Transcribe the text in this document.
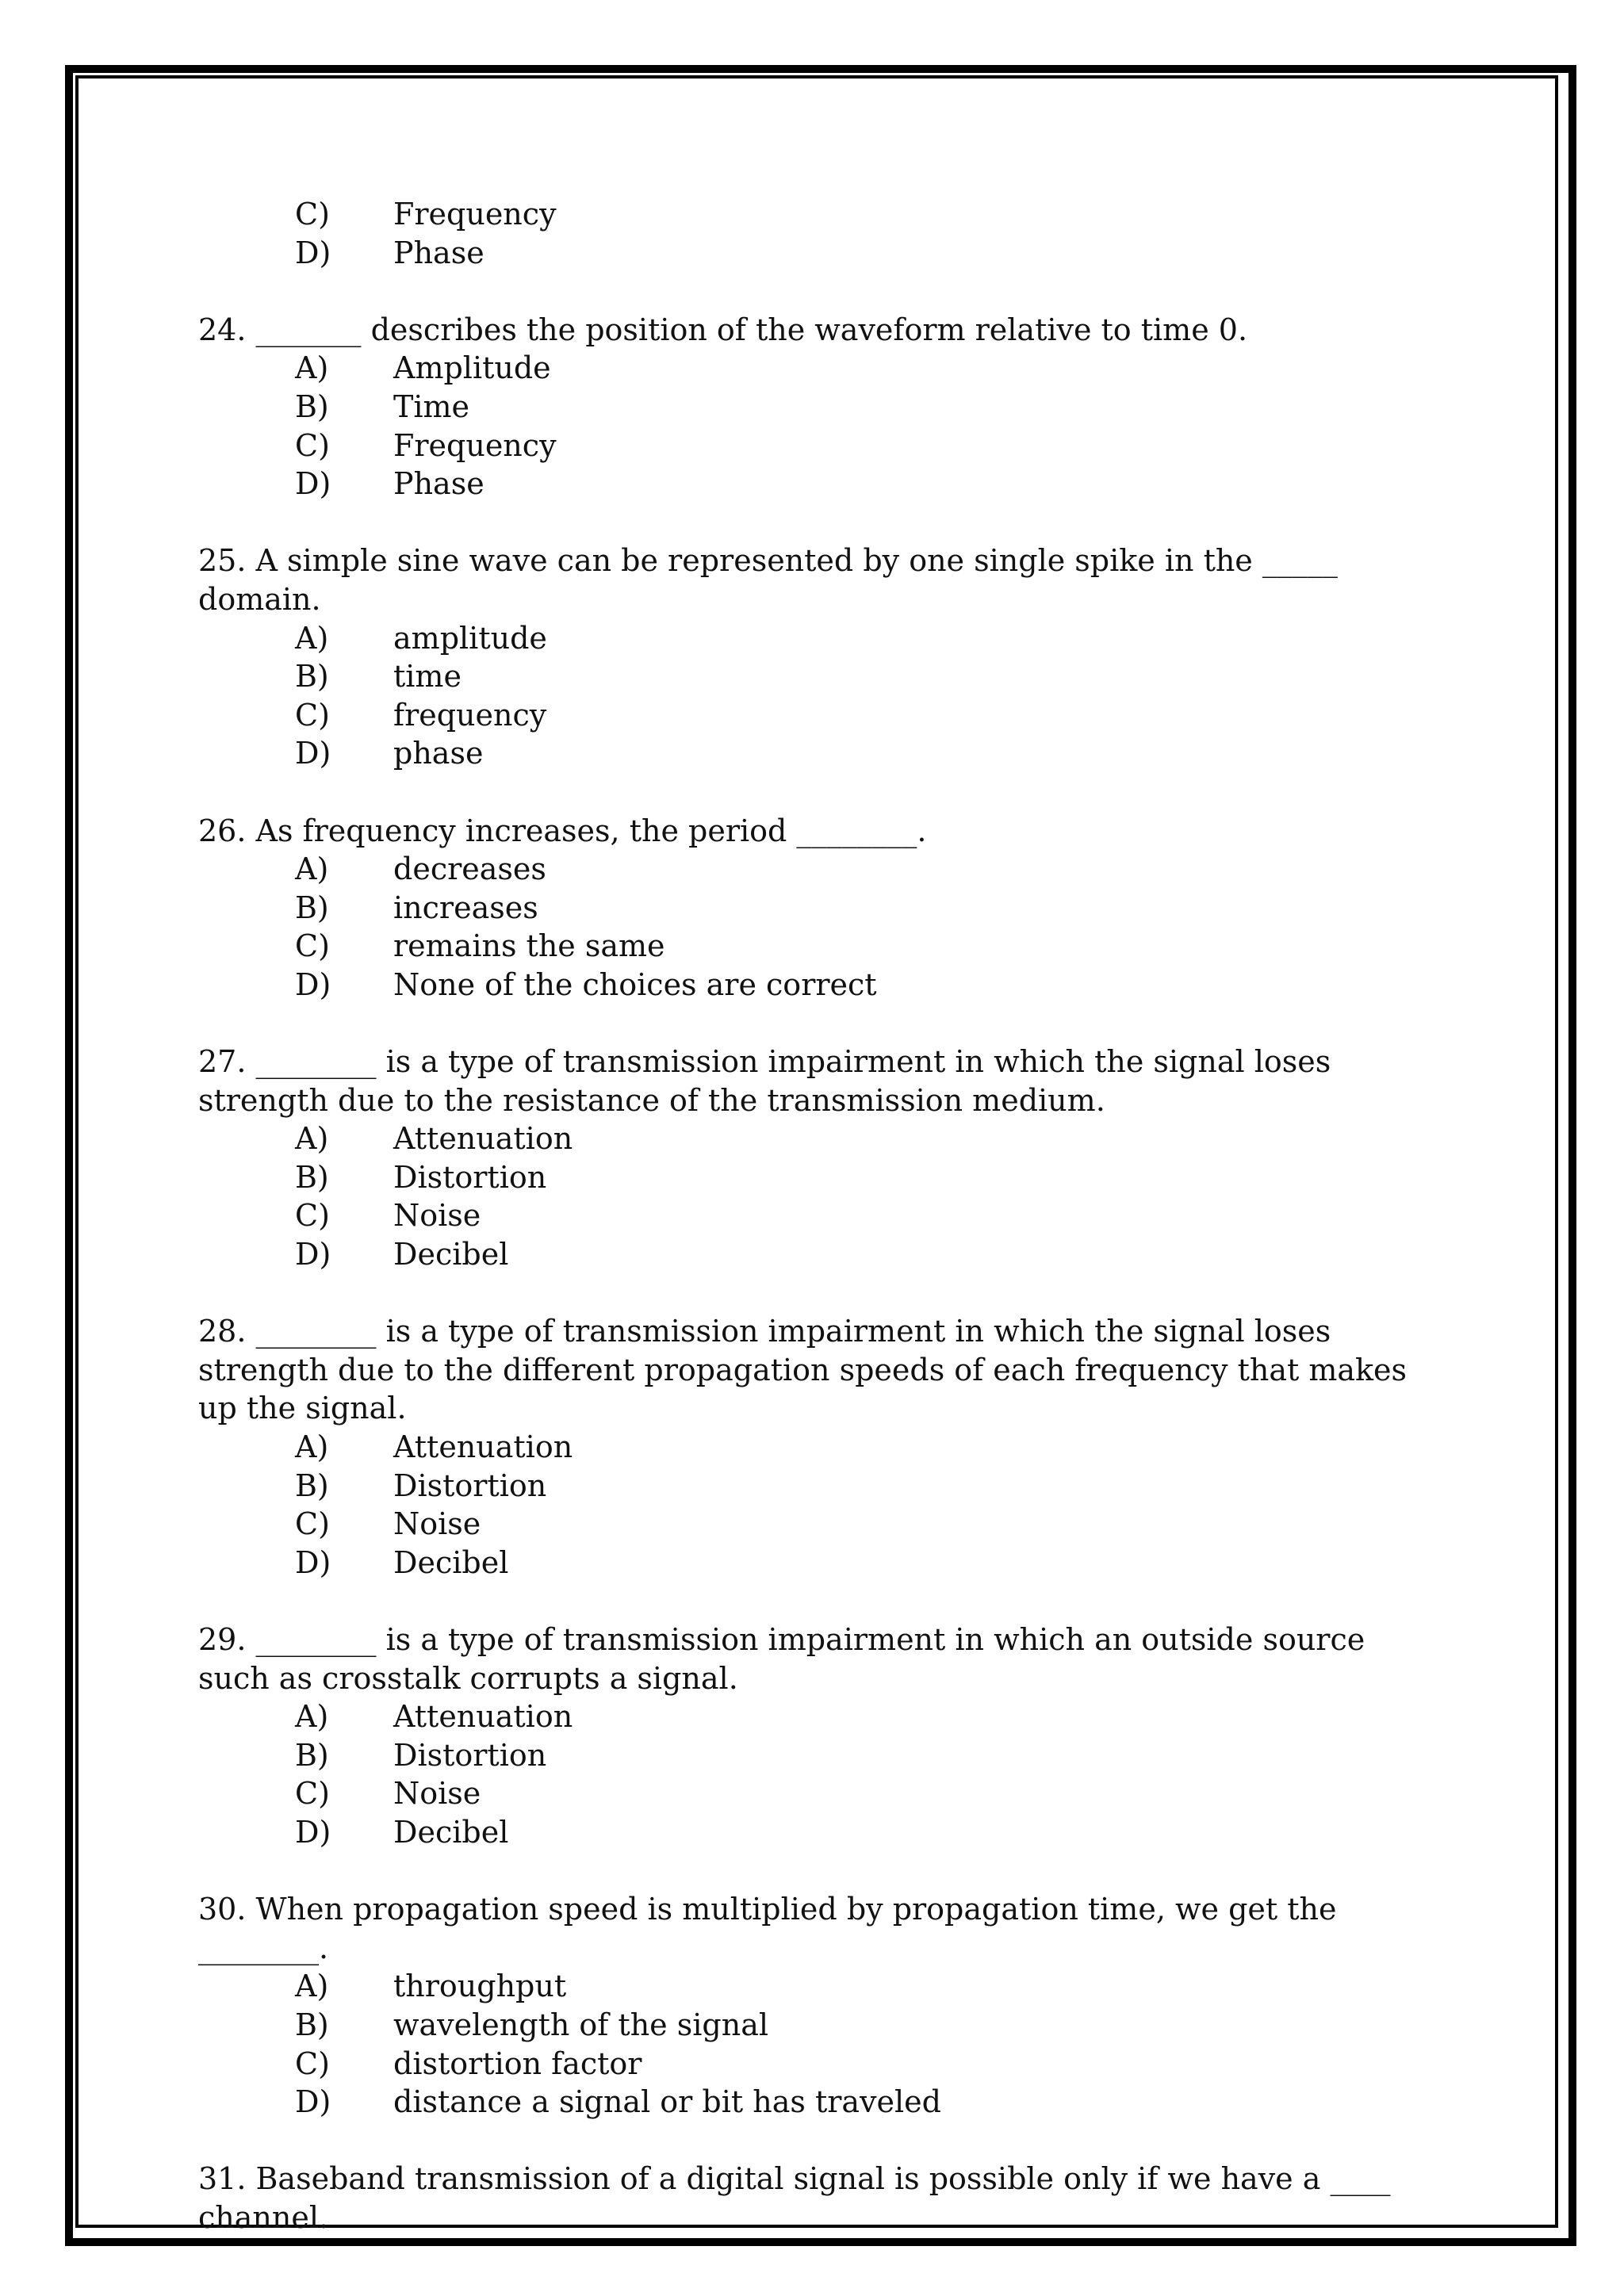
C)	Frequency
D)	Phase
24. _______ describes the position of the waveform relative to time 0.
A)	Amplitude
B)	Time
C)	Frequency
D)	Phase
25. A simple sine wave can be represented by one single spike in the _____ domain.
A)	amplitude
B)	time
C)	frequency
D)	phase
26. As frequency increases, the period ________.
A)	decreases
B)	increases
C)	remains the same
D)	None of the choices are correct
27. ________ is a type of transmission impairment in which the signal loses strength due to the resistance of the transmission medium.
A)	Attenuation
B)	Distortion
C)	Noise
D)	Decibel
28. ________ is a type of transmission impairment in which the signal loses strength due to the different propagation speeds of each frequency that makes up the signal.
A)	Attenuation
B)	Distortion
C)	Noise
D)	Decibel
29. ________ is a type of transmission impairment in which an outside source such as crosstalk corrupts a signal.
A)	Attenuation
B)	Distortion
C)	Noise
D)	Decibel
30. When propagation speed is multiplied by propagation time, we get the ________.
A)	throughput
B)	wavelength of the signal
C)	distortion factor
D)	distance a signal or bit has traveled
31. Baseband transmission of a digital signal is possible only if we have a ____ channel.
